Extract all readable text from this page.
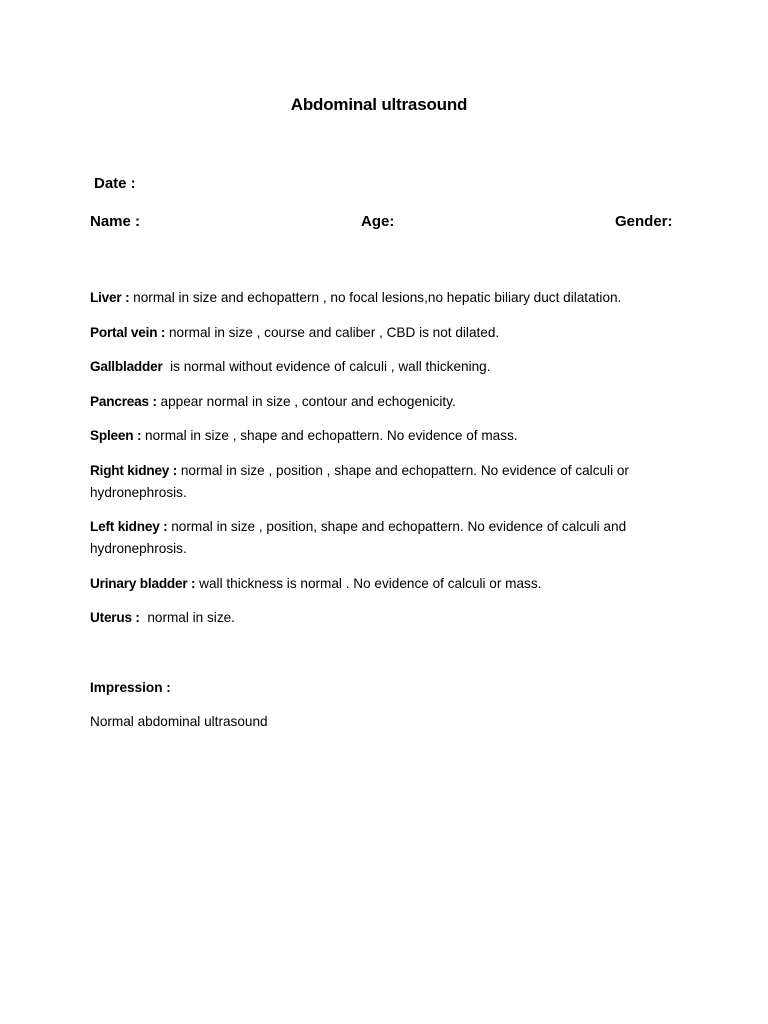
Abdominal ultrasound
Date :
Name :	Age:	Gender:

Liver : normal in size and echopattern , no focal lesions,no hepatic biliary duct dilatation.

Portal vein : normal in size , course and caliber , CBD is not dilated.

Gallbladder  is normal without evidence of calculi , wall thickening.

Pancreas : appear normal in size , contour and echogenicity.

Spleen : normal in size , shape and echopattern. No evidence of mass.

Right kidney : normal in size , position , shape and echopattern. No evidence of calculi or hydronephrosis.

Left kidney : normal in size , position, shape and echopattern. No evidence of calculi and hydronephrosis.

Urinary bladder : wall thickness is normal . No evidence of calculi or mass.

Uterus :  normal in size.

Impression :
Normal abdominal ultrasound
